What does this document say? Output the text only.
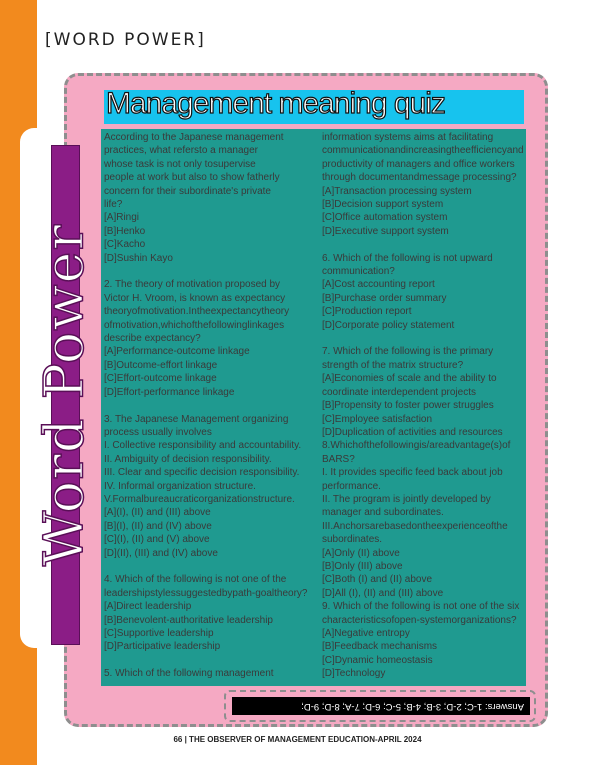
[WORD POWER]
Word Power
Management meaning quiz
According to the Japanese management
practices, what refersto a manager
whose task is not only tosupervise
people at work but also to show fatherly
concern for their subordinate's private
life?
[A]Ringi
[B]Henko
[C]Kacho
[D]Sushin Kayo
2. The theory of motivation proposed by
Victor H. Vroom, is known as expectancy
theoryofmotivation.Intheexpectancytheory
ofmotivation,whichofthefollowinglinkages
describe expectancy?
[A]Performance-outcome linkage
[B]Outcome-effort linkage
[C]Effort-outcome linkage
[D]Effort-performance linkage
3. The Japanese Management organizing
process usually involves
I. Collective responsibility and accountability.
II. Ambiguity of decision responsibility.
III. Clear and specific decision responsibility.
IV. Informal organization structure.
V.Formalbureaucraticorganizationstructure.
[A](I), (II) and (III) above
[B](I), (II) and (IV) above
[C](I), (II) and (V) above
[D](II), (III) and (IV) above
4. Which of the following is not one of the
leadershipstylessuggestedbypath-goaltheory?
[A]Direct leadership
[B]Benevolent-authoritative leadership
[C]Supportive leadership
[D]Participative leadership
5. Which of the following management
information systems aims at facilitating
communicationandincreasingtheefficiencyand
productivity of managers and office workers
through documentandmessage processing?
[A]Transaction processing system
[B]Decision support system
[C]Office automation system
[D]Executive support system
6. Which of the following is not upward
communication?
[A]Cost accounting report
[B]Purchase order summary
[C]Production report
[D]Corporate policy statement
7. Which of the following is the primary
strength of the matrix structure?
[A]Economies of scale and the ability to
coordinate interdependent projects
[B]Propensity to foster power struggles
[C]Employee satisfaction
[D]Duplication of activities and resources
8.Whichofthefollowingis/areadvantage(s)of
BARS?
I. It provides specific feed back about job
performance.
II. The program is jointly developed by
manager and subordinates.
III.Anchorsarebasedontheexperienceofthe
subordinates.
[A]Only (II) above
[B]Only (III) above
[C]Both (I) and (II) above
[D]All (I), (II) and (III) above
9. Which of the following is not one of the six
characteristicsofopen-systemorganizations?
[A]Negative entropy
[B]Feedback mechanisms
[C]Dynamic homeostasis
[D]Technology
Answers: 1-C; 2-D; 3-B; 4-B; 5-C; 6-D; 7-A; 8-D; 9-D;
66 | THE OBSERVER OF MANAGEMENT EDUCATION-APRIL 2024
